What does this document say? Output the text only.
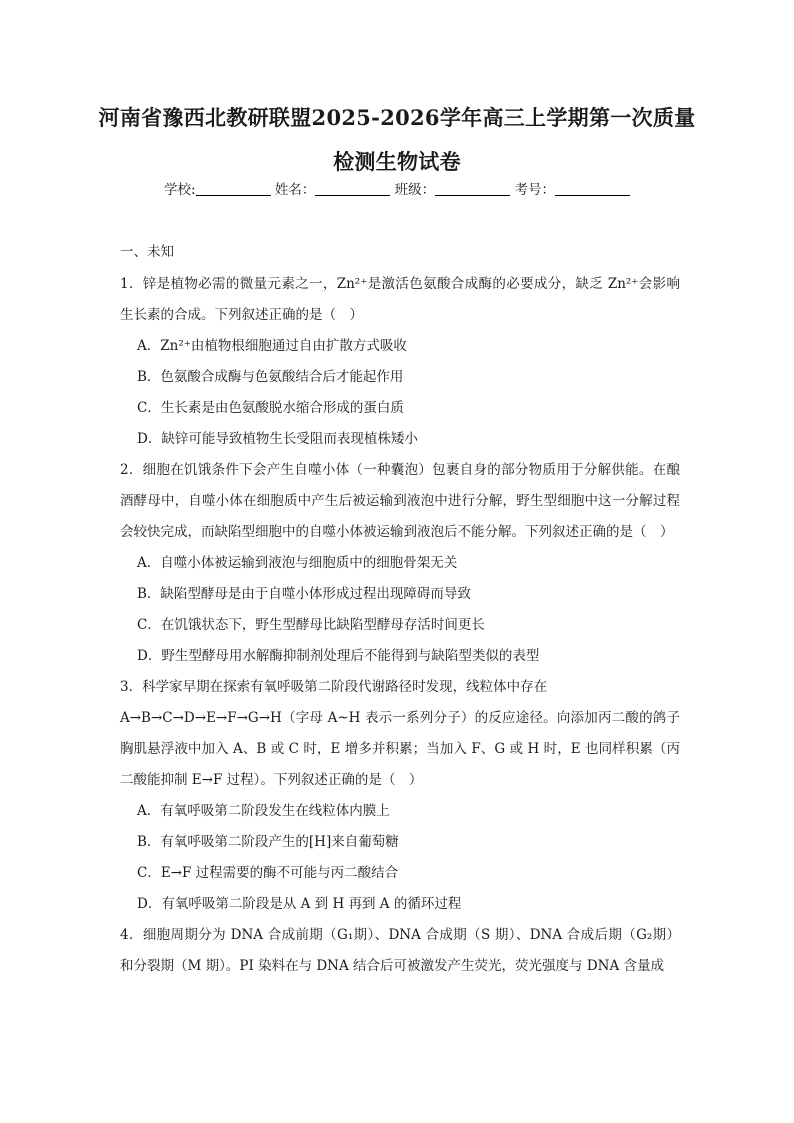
河南省豫西北教研联盟2025-2026学年高三上学期第一次质量
检测生物试卷
学校:	姓名：	班级：	考号：
一、未知
1．锌是植物必需的微量元素之一，Zn²⁺是激活色氨酸合成酶的必要成分，缺乏 Zn²⁺会影响生长素的合成。下列叙述正确的是（　）
A．Zn²⁺由植物根细胞通过自由扩散方式吸收
B．色氨酸合成酶与色氨酸结合后才能起作用
C．生长素是由色氨酸脱水缩合形成的蛋白质
D．缺锌可能导致植物生长受阻而表现植株矮小
2．细胞在饥饿条件下会产生自噬小体（一种囊泡）包裹自身的部分物质用于分解供能。在酿酒酵母中，自噬小体在细胞质中产生后被运输到液泡中进行分解，野生型细胞中这一分解过程会较快完成，而缺陷型细胞中的自噬小体被运输到液泡后不能分解。下列叙述正确的是（　）
A．自噬小体被运输到液泡与细胞质中的细胞骨架无关
B．缺陷型酵母是由于自噬小体形成过程出现障碍而导致
C．在饥饿状态下，野生型酵母比缺陷型酵母存活时间更长
D．野生型酵母用水解酶抑制剂处理后不能得到与缺陷型类似的表型
3．科学家早期在探索有氧呼吸第二阶段代谢路径时发现，线粒体中存在
A→B→C→D→E→F→G→H（字母 A~H 表示一系列分子）的反应途径。向添加丙二酸的鸽子胸肌悬浮液中加入 A、B 或 C 时，E 增多并积累；当加入 F、G 或 H 时，E 也同样积累（丙二酸能抑制 E→F 过程）。下列叙述正确的是（　）
A．有氧呼吸第二阶段发生在线粒体内膜上
B．有氧呼吸第二阶段产生的[H]来自葡萄糖
C．E→F 过程需要的酶不可能与丙二酸结合
D．有氧呼吸第二阶段是从 A 到 H 再到 A 的循环过程
4．细胞周期分为 DNA 合成前期（G₁期）、DNA 合成期（S 期）、DNA 合成后期（G₂期）和分裂期（M 期）。PI 染料在与 DNA 结合后可被激发产生荧光，荧光强度与 DNA 含量成
